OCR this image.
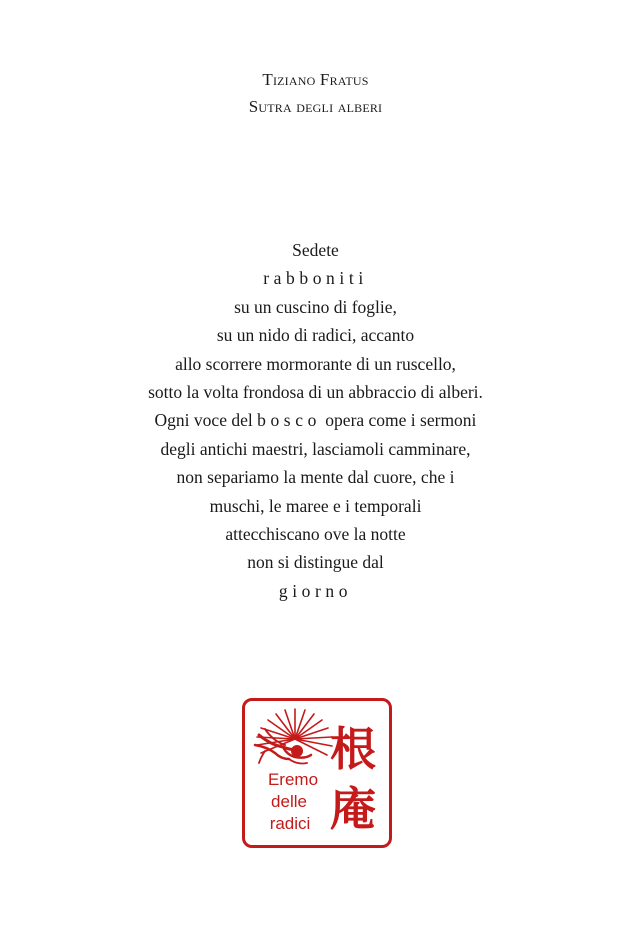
Tiziano Fratus
Sutra degli alberi
Sedete
rabboniti
su un cuscino di foglie,
su un nido di radici, accanto
allo scorrere mormorante di un ruscello,
sotto la volta frondosa di un abbraccio di alberi.
Ogni voce del bosco opera come i sermoni
degli antichi maestri, lasciamoli camminare,
non separiamo la mente dal cuore, che i
muschi, le maree e i temporali
attecchiscano ove la notte
non si distingue dal
giorno
Eremo
delle
radici
根
庵
